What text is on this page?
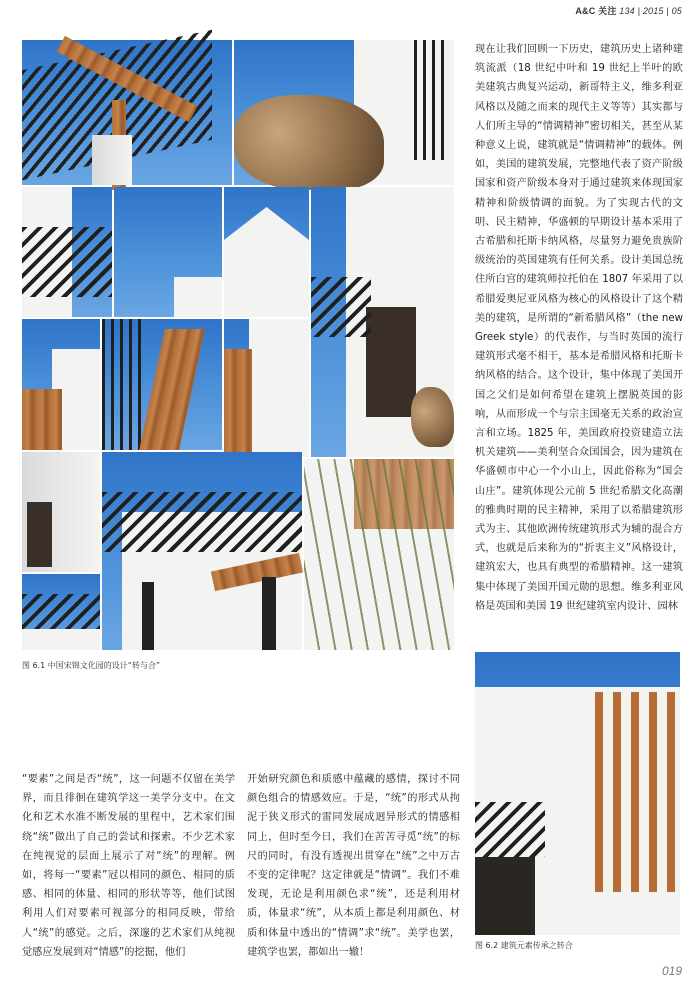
A&C 关注 134 | 2015 | 05
图 6.1 中国宋锦文化园的设计“转与合”
现在让我们回顾一下历史，建筑历史上诸种建筑流派（18 世纪中叶和 19 世纪上半叶的欧美建筑古典复兴运动，新哥特主义，维多利亚风格以及随之而来的现代主义等等）其实都与人们所主导的“情调精神”密切相关，甚至从某种意义上说，建筑就是“情调精神”的载体。例如，美国的建筑发展，完整地代表了资产阶级国家和资产阶级本身对于通过建筑来体现国家精神和阶级情调的面貌。为了实现古代的文明、民主精神，华盛顿的早期设计基本采用了古希腊和托斯卡纳风格，尽量努力避免贵族阶级统治的英国建筑有任何关系。设计美国总统住所白宫的建筑师拉托伯在 1807 年采用了以希腊爱奥尼亚风格为核心的风格设计了这个精美的建筑，是所谓的“新希腊风格”（the new Greek style）的代表作，与当时英国的流行建筑形式毫不相干，基本是希腊风格和托斯卡纳风格的结合。这个设计，集中体现了美国开国之父们是如何希望在建筑上摆脱英国的影响，从而形成一个与宗主国毫无关系的政治宣言和立场。1825 年，美国政府投资建造立法机关建筑——美利坚合众国国会，因为建筑在华盛顿市中心一个小山上，因此俗称为“国会山庄”。建筑体现公元前 5 世纪希腊文化高潮的雅典时期的民主精神，采用了以希腊建筑形式为主、其他欧洲传统建筑形式为辅的混合方式，也就是后来称为的“折衷主义”风格设计，建筑宏大，也具有典型的希腊精神。这一建筑集中体现了美国开国元勋的思想。维多利亚风格是英国和美国 19 世纪建筑室内设计、园林
图 6.2 建筑元素传承之转合
“要素”之间是否“统”，这一问题不仅留在美学界，而且徘徊在建筑学这一美学分支中。在文化和艺术水准不断发展的里程中，艺术家们围绕“统”做出了自己的尝试和探索。不少艺术家在纯视觉的层面上展示了对“统”的理解。例如，将每一“要素”冠以相同的颜色、相同的质感、相同的体量、相同的形状等等，他们试图利用人们对要素可视部分的相同反映，带给人“统”的感觉。之后，深邃的艺术家们从纯视觉感应发展到对“情感”的挖掘，他们
开始研究颜色和质感中蕴藏的感情，探讨不同颜色组合的情感效应。于是，“统”的形式从拘泥于狭义形式的雷同发展成迥异形式的情感相同上，但时至今日，我们在苦苦寻觅“统”的标尺的同时，有没有透视出贯穿在“统”之中万古不变的定律呢？这定律就是“情调”。我们不难发现，无论是利用颜色求“统”，还是利用材质，体量求“统”，从本质上都是利用颜色、材质和体量中透出的“情调”求“统”。美学也罢，建筑学也罢，都如出一辙！
019
